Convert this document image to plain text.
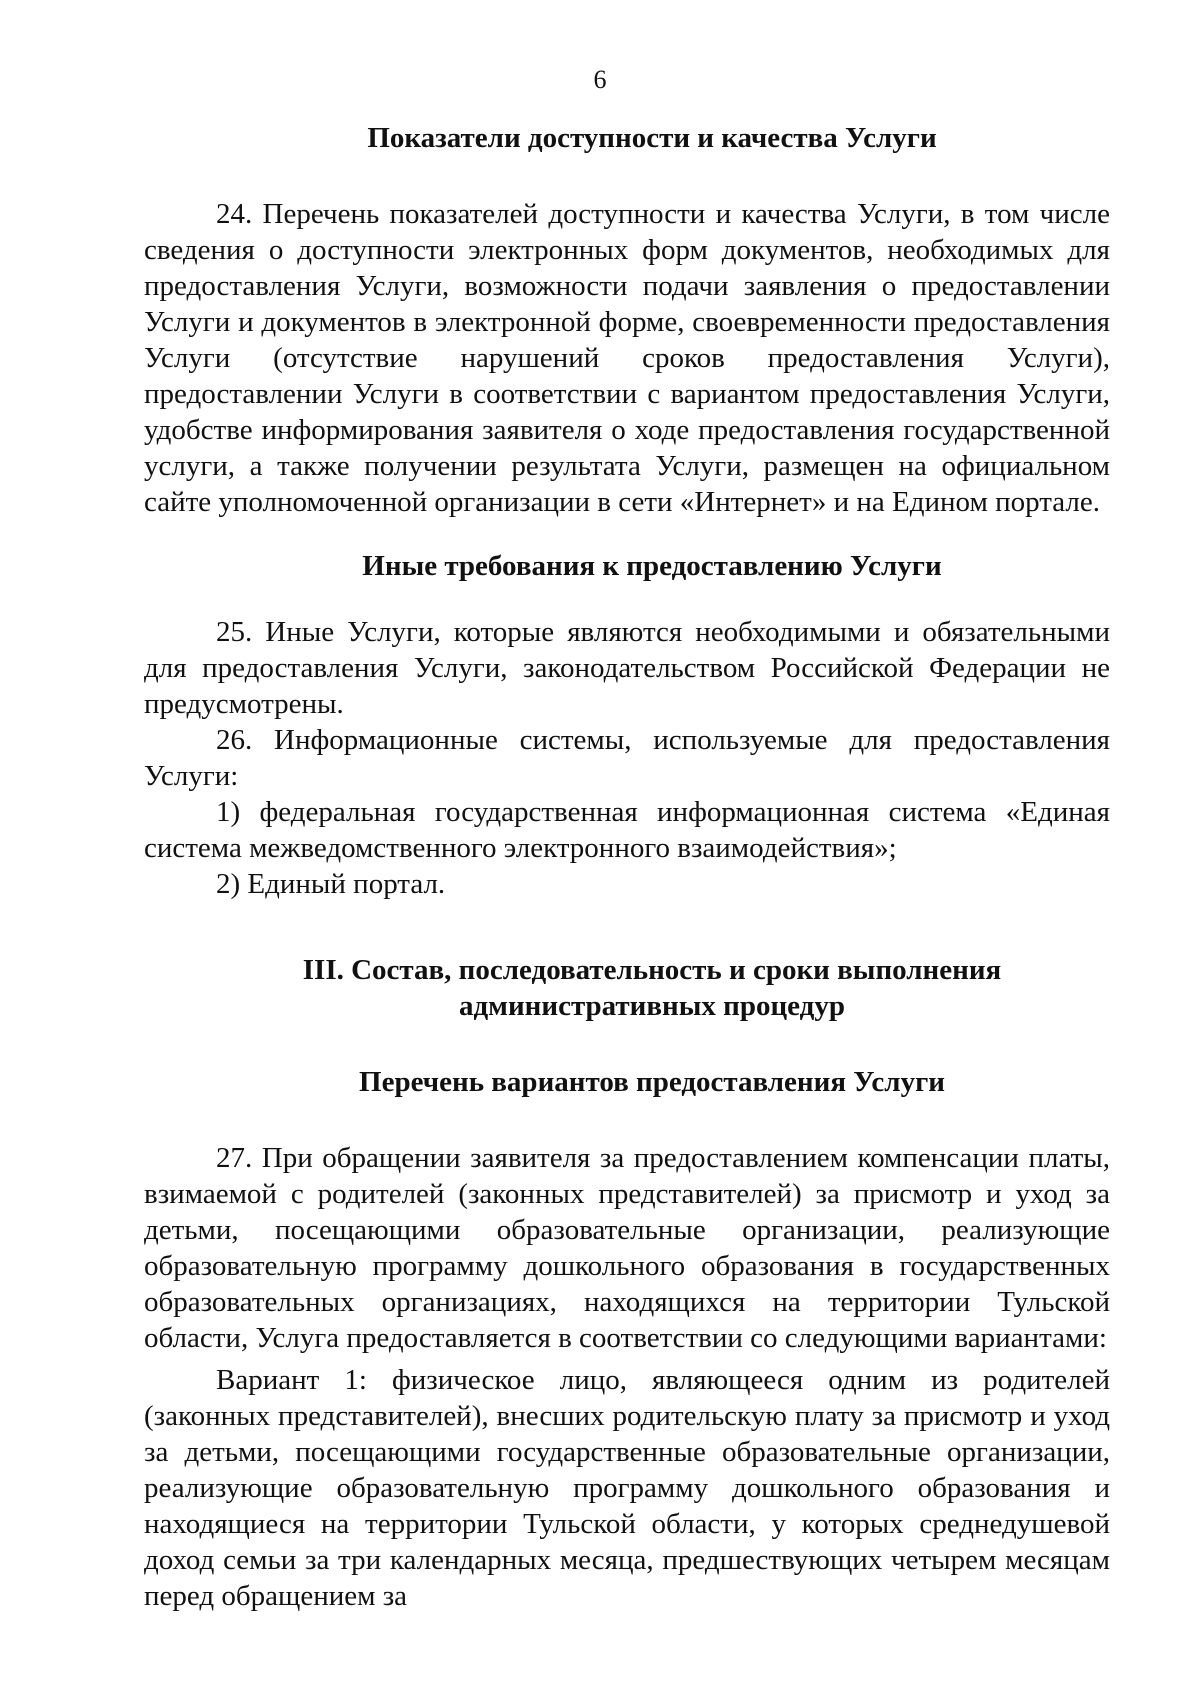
6

Показатели доступности и качества Услуги

24. Перечень показателей доступности и качества Услуги, в том числе сведения о доступности электронных форм документов, необходимых для предоставления Услуги, возможности подачи заявления о предоставлении Услуги и документов в электронной форме, своевременности предоставления Услуги (отсутствие нарушений сроков предоставления Услуги), предоставлении Услуги в соответствии с вариантом предоставления Услуги, удобстве информирования заявителя о ходе предоставления государственной услуги, а также получении результата Услуги, размещен на официальном сайте уполномоченной организации в сети «Интернет» и на Едином портале.

Иные требования к предоставлению Услуги

25. Иные Услуги, которые являются необходимыми и обязательными для предоставления Услуги, законодательством Российской Федерации не предусмотрены.

26. Информационные системы, используемые для предоставления Услуги:

1) федеральная государственная информационная система «Единая система межведомственного электронного взаимодействия»;

2) Единый портал.

III. Состав, последовательность и сроки выполнения

административных процедур

Перечень вариантов предоставления Услуги

27. При обращении заявителя за предоставлением компенсации платы, взимаемой с родителей (законных представителей) за присмотр и уход за детьми, посещающими образовательные организации, реализующие образовательную программу дошкольного образования в государственных образовательных организациях, находящихся на территории Тульской области, Услуга предоставляется в соответствии со следующими вариантами:

Вариант 1: физическое лицо, являющееся одним из родителей (законных представителей), внесших родительскую плату за присмотр и уход за детьми, посещающими государственные образовательные организации, реализующие образовательную программу дошкольного образования и находящиеся на территории Тульской области, у которых среднедушевой доход семьи за три календарных месяца, предшествующих четырем месяцам перед обращением за
